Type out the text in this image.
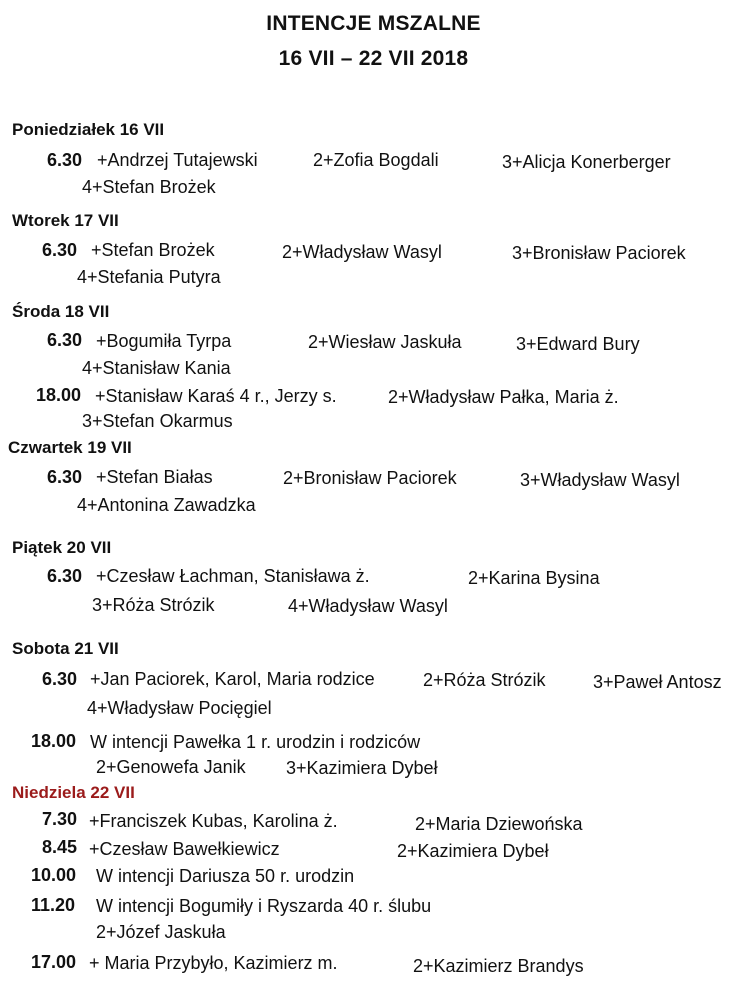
INTENCJE MSZALNE
16 VII – 22 VII 2018
Poniedziałek 16 VII
6.30 +Andrzej Tutajewski	2+Zofia Bogdali	3+Alicja Konerberger
4+Stefan Brożek
Wtorek 17 VII
6.30 +Stefan Brożek	2+Władysław Wasyl	3+Bronisław Paciorek
4+Stefania Putyra
Środa 18 VII
6.30 +Bogumiła Tyrpa	2+Wiesław Jaskuła	3+Edward Bury
4+Stanisław Kania
18.00 +Stanisław Karaś 4 r., Jerzy s.	2+Władysław Pałka, Maria ż.
3+Stefan Okarmus
Czwartek 19 VII
6.30 +Stefan Białas	2+Bronisław Paciorek	3+Władysław Wasyl
4+Antonina Zawadzka
Piątek 20 VII
6.30 +Czesław Łachman, Stanisława ż.	2+Karina Bysina
3+Róża Strózik	4+Władysław Wasyl
Sobota 21 VII
6.30 +Jan Paciorek, Karol, Maria rodzice	2+Róża Strózik	3+Paweł Antosz
4+Władysław Pocięgiel
18.00 W intencji Pawełka 1 r. urodzin i rodziców
2+Genowefa Janik 3+Kazimiera Dybeł
Niedziela 22 VII
7.30 +Franciszek Kubas, Karolina ż.	2+Maria Dziewońska
8.45 +Czesław Bawełkiewicz	2+Kazimiera Dybeł
10.00 W intencji Dariusza 50 r. urodzin
11.20 W intencji Bogumiły i Ryszarda 40 r. ślubu
2+Józef Jaskuła
17.00 + Maria Przybyło, Kazimierz m.	2+Kazimierz Brandys
